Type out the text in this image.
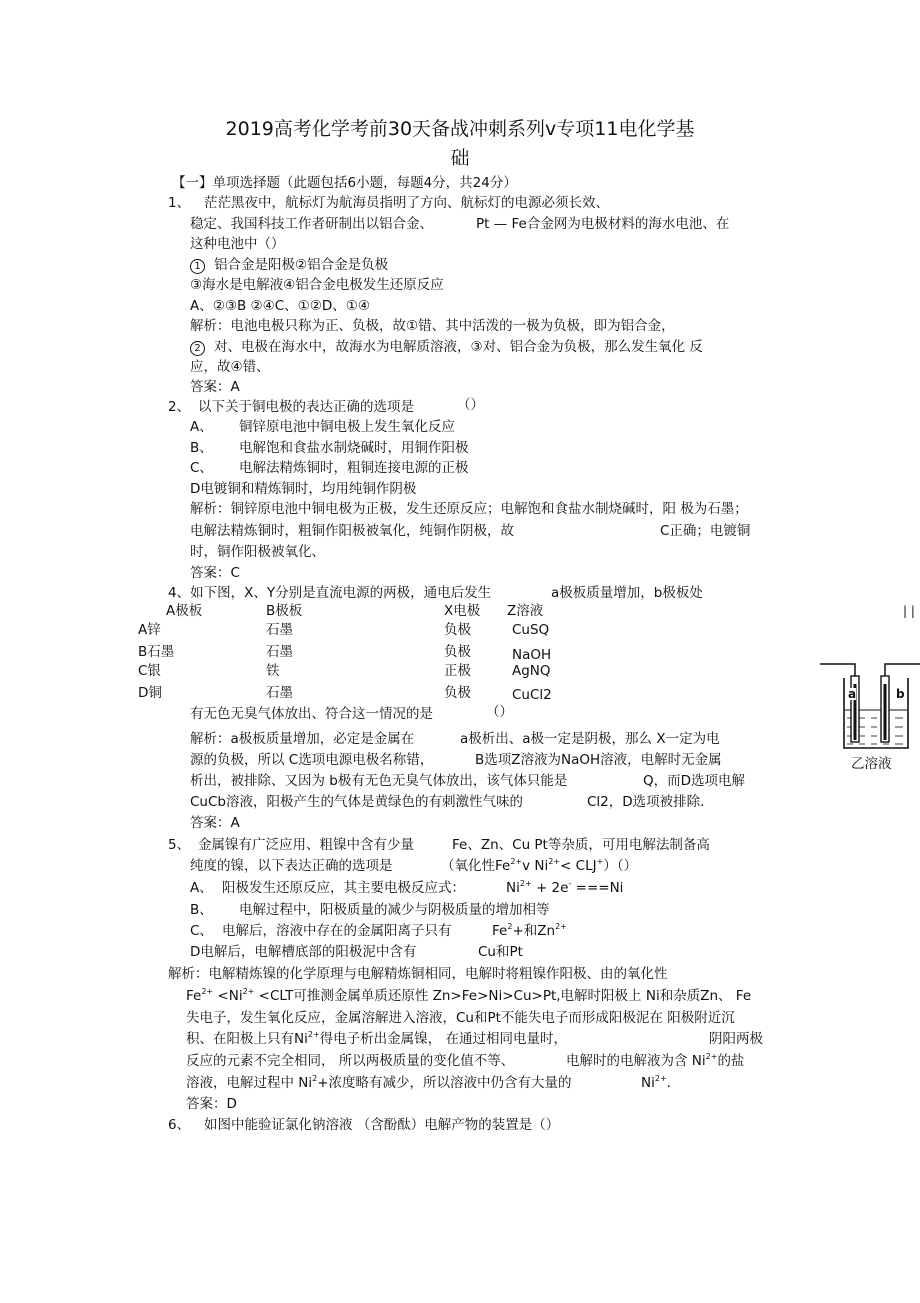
2019高考化学考前30天备战冲刺系列ⅴ专项11电化学基
础
【一】单项选择题（此题包括6小题，每题4分，共24分）
1、 茫茫黑夜中，航标灯为航海员指明了方向、航标灯的电源必须长效、
稳定、我国科技工作者研制出以铝合金、	Pt — Fe合金网为电极材料的海水电池、在
这种电池中（）
1 铝合金是阳极②铝合金是负极
③海水是电解液④铝合金电极发生还原反应
A、②③B ②④C、①②D、①④
解析：电池电极只称为正、负极，故①错、其中活泼的一极为负极，即为铝合金，
2 对、电极在海水中，故海水为电解质溶液，③对、铝合金为负极，那么发生氧化 反
应，故④错、
答案：A
2、 以下关于铜电极的表达正确的选项是	（）
A、 铜锌原电池中铜电极上发生氧化反应
B、 电解饱和食盐水制烧碱时，用铜作阳极
C、 电解法精炼铜时，粗铜连接电源的正极
D电镀铜和精炼铜时，均用纯铜作阴极
解析：铜锌原电池中铜电极为正极，发生还原反应；电解饱和食盐水制烧碱时，阳 极为石墨；
电解法精炼铜时，粗铜作阳极被氧化，纯铜作阴极，故	C正确；电镀铜
时，铜作阳极被氧化、
答案：C
4、如下图，X、Y分别是直流电源的两极，通电后发生	a极板质量增加，b极板处
A极板	B极板	X电极 Z溶液
A锌	石墨	负极	CuSQ
B石墨	石墨	负极	NaOH
C银	铁	正极	AgNQ
D铜	石墨	负极	CuCl2
有无色无臭气体放出、符合这一情况的是	（）
解析：a极板质量增加，必定是金属在	a极析出、a极一定是阴极，那么 X一定为电
源的负极，所以 C选项电源电极名称错，	B选项Z溶液为NaOH溶液，电解时无金属
析出，被排除、又因为 b极有无色无臭气体放出，该气体只能是	Q，而D选项电解
CuCb溶液，阳极产生的气体是黄绿色的有刺激性气味的	Cl2，D选项被排除.
答案：A
| |
a	b
乙溶液
5、 金属镍有广泛应用、粗镍中含有少量	Fe、Zn、Cu Pt等杂质，可用电解法制备高
纯度的镍，以下表达正确的选项是	（氧化性$Fe^{2+}v$ $Ni^{2+}< CLJ^+)()$
A、 阳极发生还原反应，其主要电极反应式：	$Ni^{2+} + 2e^- ===Ni$
B、 电解过程中，阳极质量的减少与阴极质量的增加相等
C、 电解后，溶液中存在的金属阳离子只有	$Fe^2+$和$Zn^{2+}$
D电解后，电解槽底部的阳极泥中含有	Cu和Pt
解析：电解精炼镍的化学原理与电解精炼铜相同，电解时将粗镍作阳极、由的氧化性
$Fe^{2+} <Ni^{2+} <CLT$可推测金属单质还原性 Zn>Fe>Ni>Cu>Pt,电解时阳极上 Ni和杂质Zn、 Fe
失电子，发生氧化反应，金属溶解进入溶液，Cu和Pt不能失电子而形成阳极泥在 阳极附近沉
积、在阳极上只有$Ni^{2+}$得电子析出金属镍， 在通过相同电量时，	阴阳两极
反应的元素不完全相同， 所以两极质量的变化值不等、	电解时的电解液为含 $Ni^{2+}$的盐
溶液，电解过程中 $Ni^2+$浓度略有减少，所以溶液中仍含有大量的	$Ni^{2+}$.
答案：D
6、 如图中能验证氯化钠溶液 （含酚酞）电解产物的装置是（）
